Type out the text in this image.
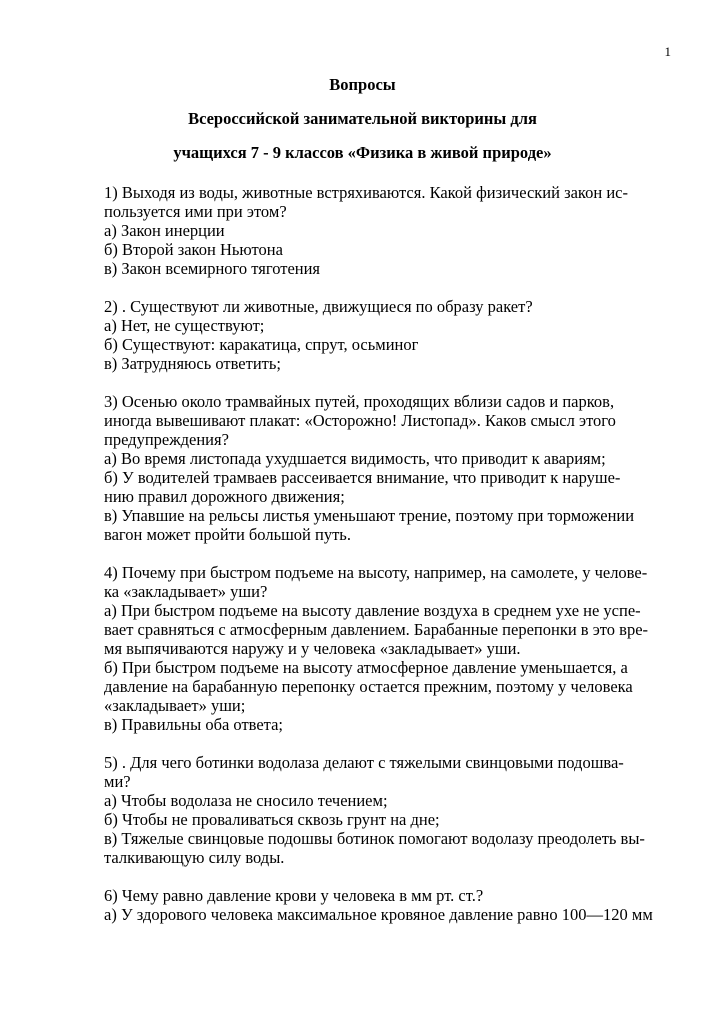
1
Вопросы
Всероссийской занимательной викторины для
учащихся 7 - 9 классов «Физика в живой природе»
1) Выходя из воды, животные встряхиваются. Какой физический закон ис-
пользуется ими при этом?
а) Закон инерции
б) Второй закон Ньютона
в) Закон всемирного тяготения
2) . Существуют ли животные, движущиеся по образу ракет?
а) Нет, не существуют;
б) Существуют: каракатица, спрут, осьминог
в) Затрудняюсь ответить;
3) Осенью около трамвайных путей, проходящих вблизи садов и парков,
иногда вывешивают плакат: «Осторожно! Листопад». Каков смысл этого
предупреждения?
а) Во время листопада ухудшается видимость, что приводит к авариям;
б) У водителей трамваев рассеивается внимание, что приводит к наруше-
нию правил дорожного движения;
в) Упавшие на рельсы листья уменьшают трение, поэтому при торможении
вагон может пройти большой путь.
4) Почему при быстром подъеме на высоту, например, на самолете, у челове-
ка «закладывает» уши?
а) При быстром подъеме на высоту давление воздуха в среднем ухе не успе-
вает сравняться с атмосферным давлением. Барабанные перепонки в это вре-
мя выпячиваются наружу и у человека «закладывает» уши.
б) При быстром подъеме на высоту атмосферное давление уменьшается, а
давление на барабанную перепонку остается прежним, поэтому у человека
«закладывает» уши;
в) Правильны оба ответа;
5) . Для чего ботинки водолаза делают с тяжелыми свинцовыми подошва-
ми?
а) Чтобы водолаза не сносило течением;
б) Чтобы не проваливаться сквозь грунт на дне;
в) Тяжелые свинцовые подошвы ботинок помогают водолазу преодолеть вы-
талкивающую силу воды.
6) Чему равно давление крови у человека в мм рт. ст.?
а) У здорового человека максимальное кровяное давление равно 100—120 мм
